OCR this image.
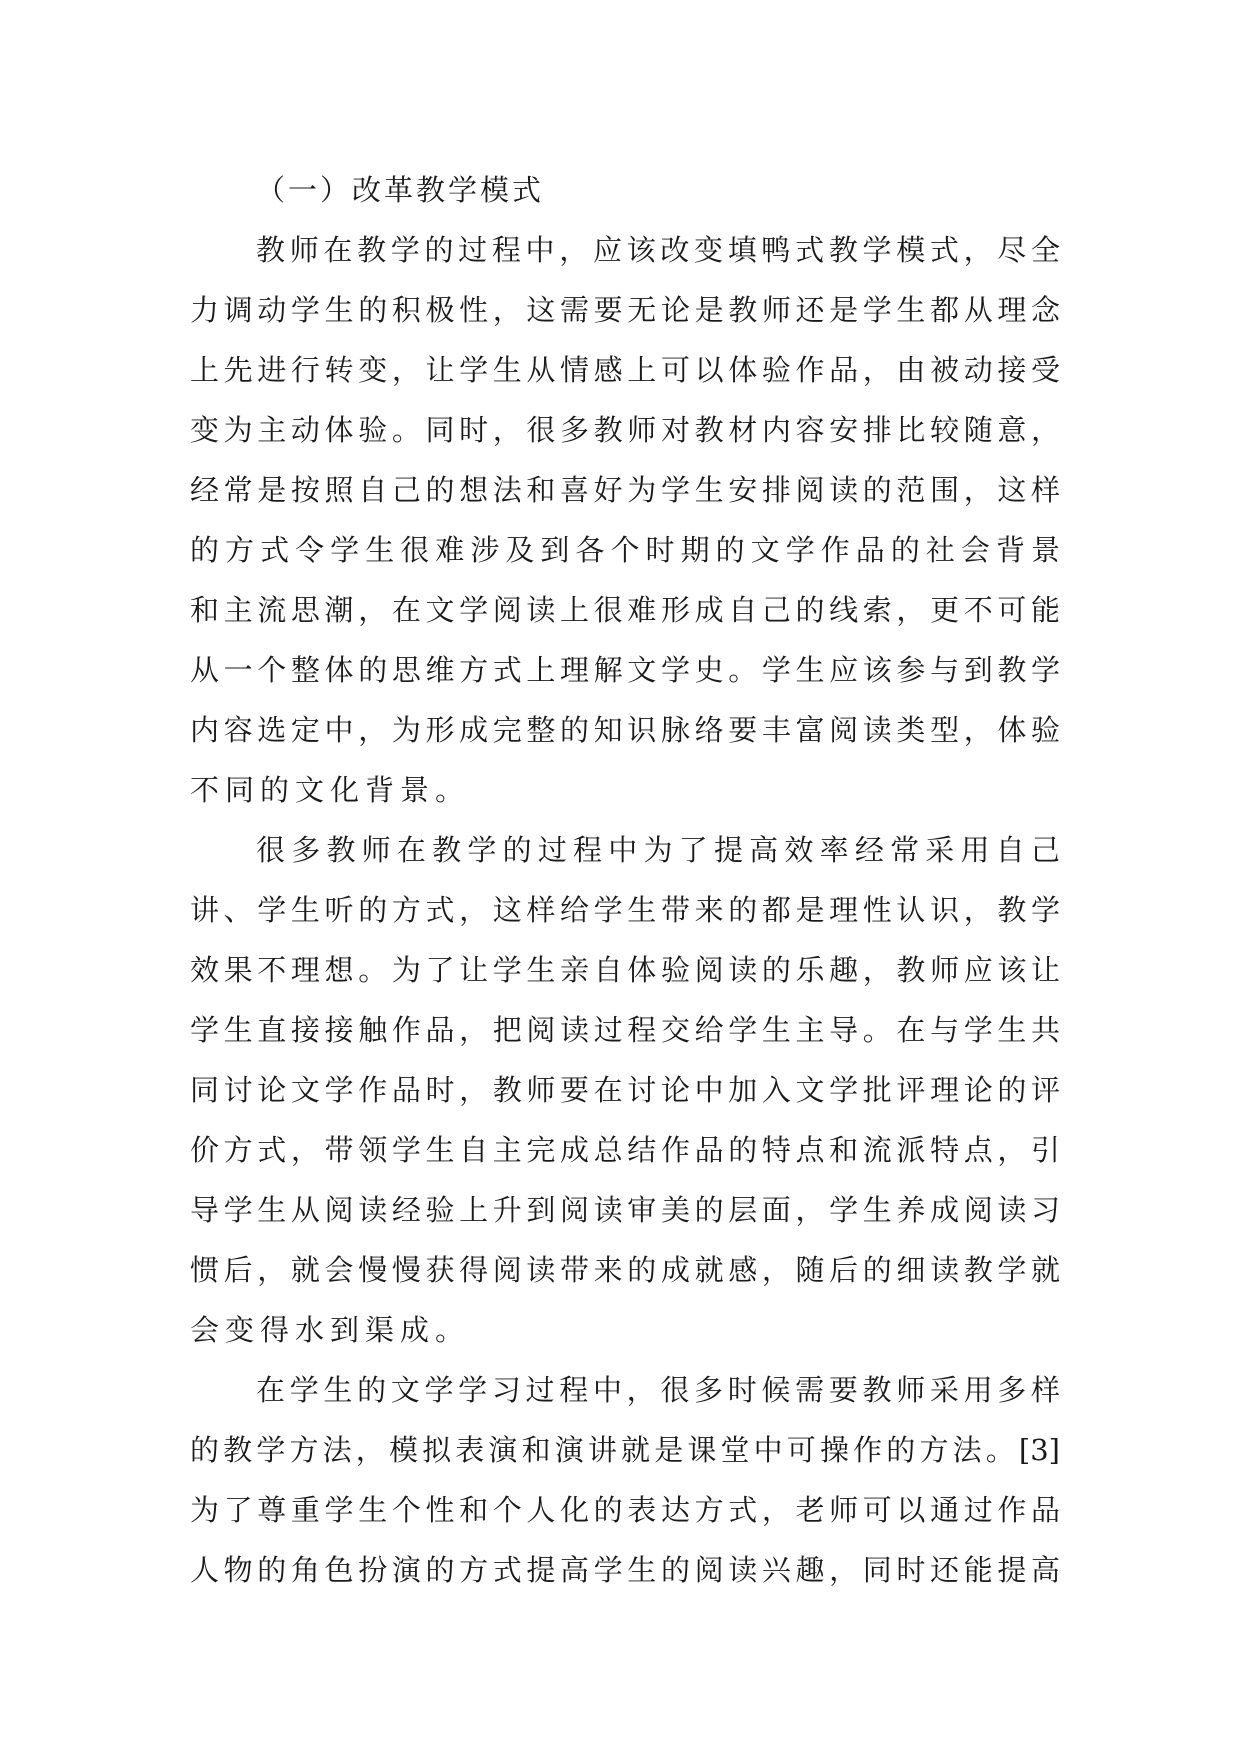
（一）改革教学模式

教师在教学的过程中，应该改变填鸭式教学模式，尽全
力调动学生的积极性，这需要无论是教师还是学生都从理念
上先进行转变，让学生从情感上可以体验作品，由被动接受
变为主动体验。同时，很多教师对教材内容安排比较随意，
经常是按照自己的想法和喜好为学生安排阅读的范围，这样
的方式令学生很难涉及到各个时期的文学作品的社会背景
和主流思潮，在文学阅读上很难形成自己的线索，更不可能
从一个整体的思维方式上理解文学史。学生应该参与到教学
内容选定中，为形成完整的知识脉络要丰富阅读类型，体验
不同的文化背景。

很多教师在教学的过程中为了提高效率经常采用自己
讲、学生听的方式，这样给学生带来的都是理性认识，教学
效果不理想。为了让学生亲自体验阅读的乐趣，教师应该让
学生直接接触作品，把阅读过程交给学生主导。在与学生共
同讨论文学作品时，教师要在讨论中加入文学批评理论的评
价方式，带领学生自主完成总结作品的特点和流派特点，引
导学生从阅读经验上升到阅读审美的层面，学生养成阅读习
惯后，就会慢慢获得阅读带来的成就感，随后的细读教学就
会变得水到渠成。

在学生的文学学习过程中，很多时候需要教师采用多样
的教学方法，模拟表演和演讲就是课堂中可操作的方法。[3]
为了尊重学生个性和个人化的表达方式，老师可以通过作品
人物的角色扮演的方式提高学生的阅读兴趣，同时还能提高
